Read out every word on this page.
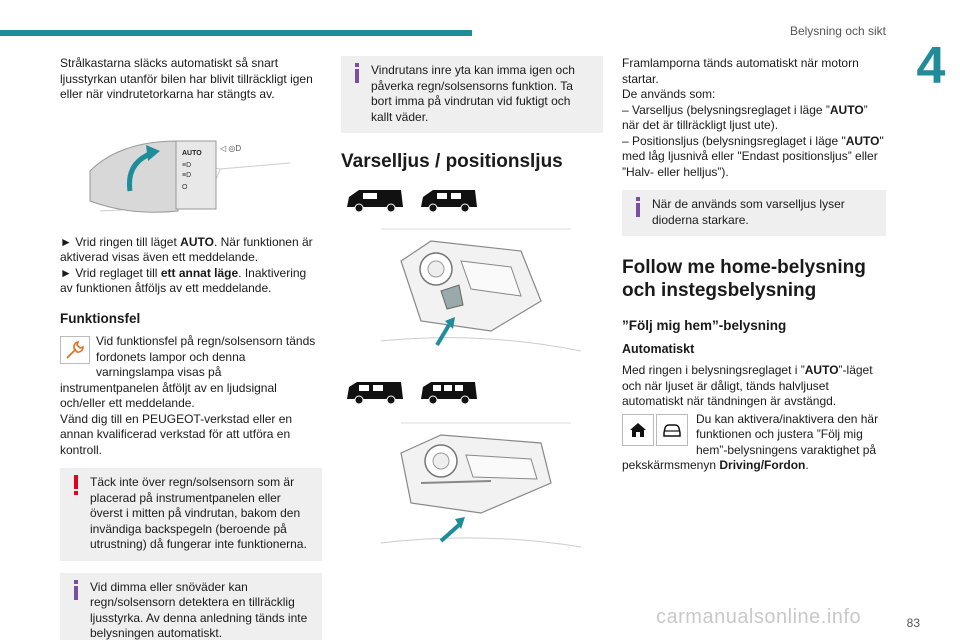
Belysning och sikt
4

Strålkastarna släcks automatiskt så snart ljusstyrkan utanför bilen har blivit tillräckligt igen eller när vindrutetorkarna har stängts av.

AUTO
≡D
≡D
O
◁ ◎D

► Vrid ringen till läget AUTO. När funktionen är aktiverad visas även ett meddelande.
► Vrid reglaget till ett annat läge. Inaktivering av funktionen åtföljs av ett meddelande.

Funktionsfel

Vid funktionsfel på regn/solsensorn tänds fordonets lampor och denna varningslampa visas på instrumentpanelen åtföljt av en ljudsignal och/eller ett meddelande.

Vänd dig till en PEUGEOT-verkstad eller en annan kvalificerad verkstad för att utföra en kontroll.

Täck inte över regn/solsensorn som är placerad på instrumentpanelen eller överst i mitten på vindrutan, bakom den invändiga backspegeln (beroende på utrustning) då fungerar inte funktionerna.
Vid dimma eller snöväder kan regn/solsensorn detektera en tillräcklig ljusstyrka. Av denna anledning tänds inte belysningen automatiskt.
Vindrutans inre yta kan imma igen och påverka regn/solsensorns funktion. Ta bort imma på vindrutan vid fuktigt och kallt väder.
Varselljus / positionsljus

Framlamporna tänds automatiskt när motorn startar.
De används som:
– Varselljus (belysningsreglaget i läge ”AUTO” när det är tillräckligt ljust ute).
– Positionsljus (belysningsreglaget i läge "AUTO" med låg ljusnivå eller "Endast positionsljus” eller ”Halv- eller helljus”).

När de används som varselljus lyser dioderna starkare.
Follow me home-belysning och instegsbelysning
”Följ mig hem”-belysning
Automatiskt

Med ringen i belysningsreglaget i ”AUTO”-läget och när ljuset är dåligt, tänds halvljuset automatiskt när tändningen är avstängd.

Du kan aktivera/inaktivera den här funktionen och justera ”Följ mig hem”-belysningens varaktighet på pekskärmsmenyn Driving/Fordon.

carmanualsonline.info	83
